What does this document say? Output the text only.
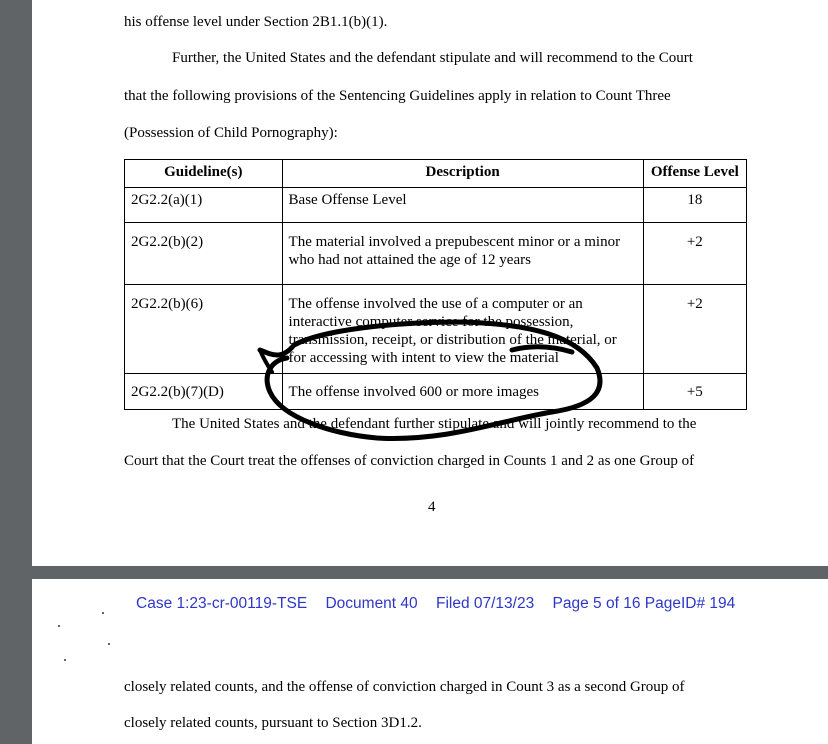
his offense level under Section 2B1.1(b)(1).
Further, the United States and the defendant stipulate and will recommend to the Court
that the following provisions of the Sentencing Guidelines apply in relation to Count Three
(Possession of Child Pornography):
Guideline(s)	Description	Offense Level
2G2.2(a)(1)	Base Offense Level	18
2G2.2(b)(2)	The material involved a prepubescent minor or a minor who had not attained the age of 12 years	+2
2G2.2(b)(6)	The offense involved the use of a computer or an interactive computer service for the possession, transmission, receipt, or distribution of the material, or for accessing with intent to view the material	+2
2G2.2(b)(7)(D)	The offense involved 600 or more images	+5
The United States and the defendant further stipulate and will jointly recommend to the
Court that the Court treat the offenses of conviction charged in Counts 1 and 2 as one Group of
4
Case 1:23-cr-00119-TSE Document 40 Filed 07/13/23 Page 5 of 16 PageID# 194
closely related counts, and the offense of conviction charged in Count 3 as a second Group of
closely related counts, pursuant to Section 3D1.2.
